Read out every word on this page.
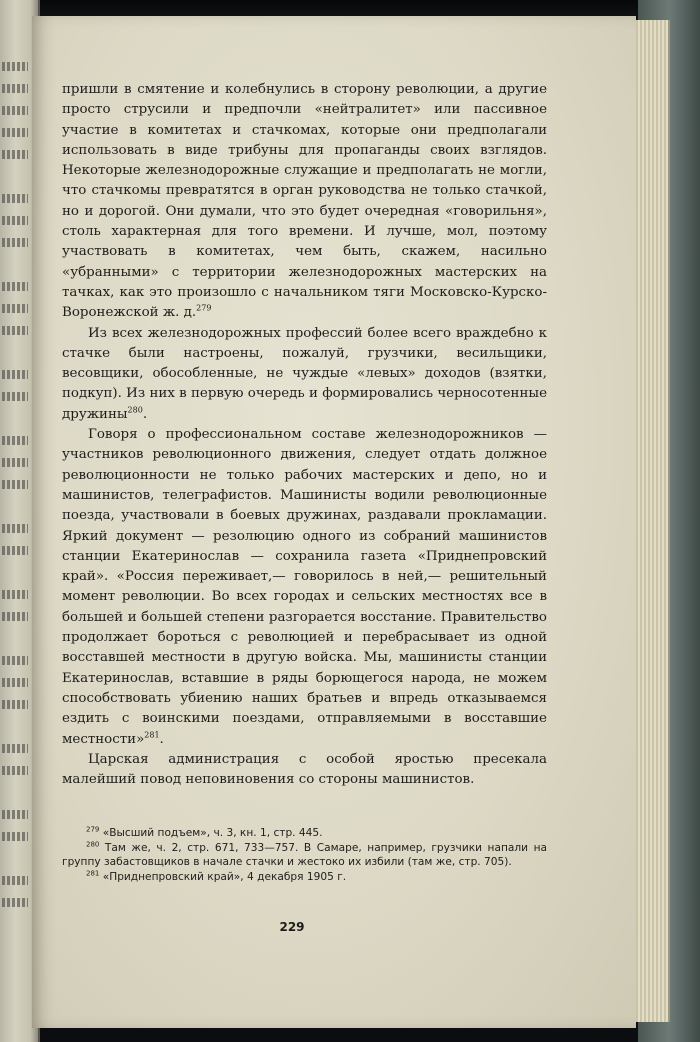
пришли в смятение и колебнулись в сторону революции, а другие просто струсили и предпочли «нейтралитет» или пассивное участие в комитетах и стачкомах, которые они предполагали использовать в виде трибуны для пропаганды своих взглядов. Некоторые железнодорожные служащие и предполагать не могли, что стачкомы превратятся в орган руководства не только стачкой, но и дорогой. Они думали, что это будет очередная «говорильня», столь характерная для того времени. И лучше, мол, поэтому участвовать в комитетах, чем быть, скажем, насильно «убранными» с территории железнодорожных мастерских на тачках, как это произошло с начальником тяги Московско-Курско-Воронежской ж. д.$^{279}$

Из всех железнодорожных профессий более всего враждебно к стачке были настроены, пожалуй, грузчики, весильщики, весовщики, обособленные, не чуждые «левых» доходов (взятки, подкуп). Из них в первую очередь и формировались черносотенные дружины$^{280}$.

Говоря о профессиональном составе железнодорожников — участников революционного движения, следует отдать должное революционности не только рабочих мастерских и депо, но и машинистов, телеграфистов. Машинисты водили революционные поезда, участвовали в боевых дружинах, раздавали прокламации. Яркий документ — резолюцию одного из собраний машинистов станции Екатеринослав — сохранила газета «Приднепровский край». «Россия переживает,— говорилось в ней,— решительный момент революции. Во всех городах и сельских местностях все в большей и большей степени разгорается восстание. Правительство продолжает бороться с революцией и перебрасывает из одной восставшей местности в другую войска. Мы, машинисты станции Екатеринослав, вставшие в ряды борющегося народа, не можем способствовать убиению наших братьев и впредь отказываемся ездить с воинскими поездами, отправляемыми в восставшие местности»$^{281}$.

Царская администрация с особой яростью пресекала малейший повод неповиновения со стороны машинистов.

$^{279}$ «Высший подъем», ч. 3, кн. 1, стр. 445.

$^{280}$ Там же, ч. 2, стр. 671, 733—757. В Самаре, например, грузчики напали на группу забастовщиков в начале стачки и жестоко их избили (там же, стр. 705).

$^{281}$ «Приднепровский край», 4 декабря 1905 г.

229
